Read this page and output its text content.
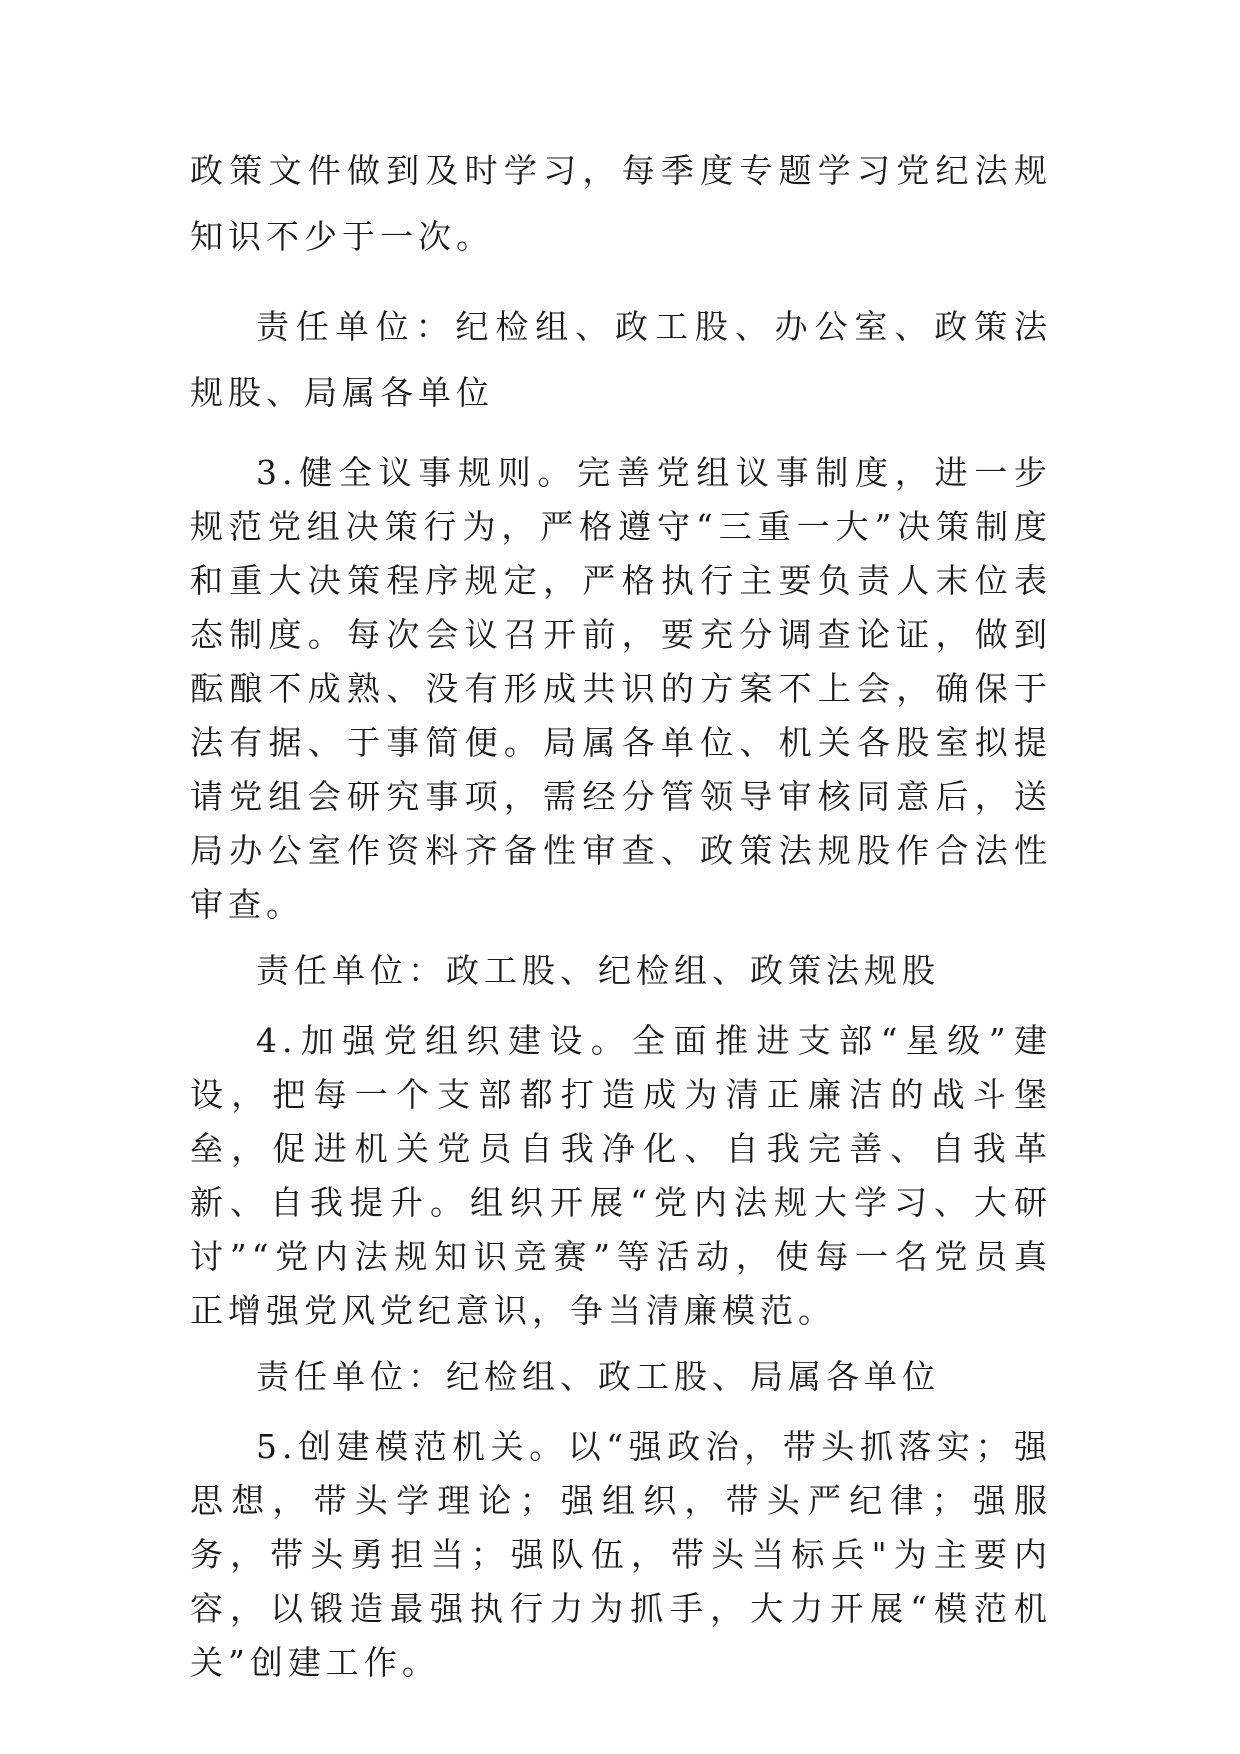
政策文件做到及时学习，每季度专题学习党纪法规知识不少于一次。

责任单位：纪检组、政工股、办公室、政策法规股、局属各单位

3.健全议事规则。完善党组议事制度，进一步规范党组决策行为，严格遵守“三重一大”决策制度和重大决策程序规定，严格执行主要负责人末位表态制度。每次会议召开前，要充分调查论证，做到酝酿不成熟、没有形成共识的方案不上会，确保于法有据、于事简便。局属各单位、机关各股室拟提请党组会研究事项，需经分管领导审核同意后，送局办公室作资料齐备性审查、政策法规股作合法性审查。

责任单位：政工股、纪检组、政策法规股

4.加强党组织建设。全面推进支部“星级”建设，把每一个支部都打造成为清正廉洁的战斗堡垒，促进机关党员自我净化、自我完善、自我革新、自我提升。组织开展“党内法规大学习、大研讨”“党内法规知识竞赛”等活动，使每一名党员真正增强党风党纪意识，争当清廉模范。

责任单位：纪检组、政工股、局属各单位

5.创建模范机关。以“强政治，带头抓落实；强思想，带头学理论；强组织，带头严纪律；强服务，带头勇担当；强队伍，带头当标兵"为主要内容，以锻造最强执行力为抓手，大力开展“模范机关”创建工作。
